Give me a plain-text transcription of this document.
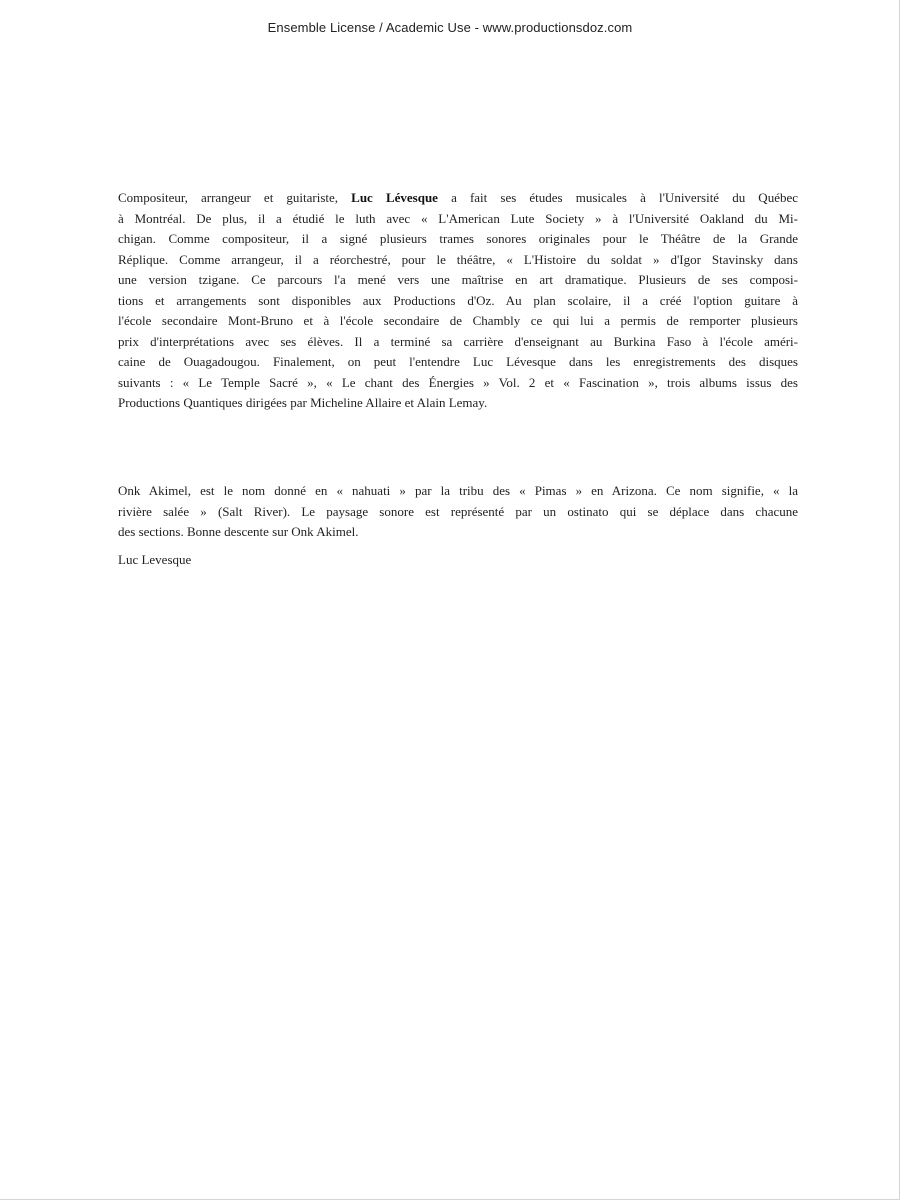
Ensemble License / Academic Use - www.productionsdoz.com
Compositeur, arrangeur et guitariste, Luc Lévesque a fait ses études musicales à l'Université du Québec
à Montréal. De plus, il a étudié le luth avec « L'American Lute Society » à l'Université Oakland du Mi-
chigan. Comme compositeur, il a signé plusieurs trames sonores originales pour le Théâtre de la Grande
Réplique. Comme arrangeur, il a réorchestré, pour le théâtre, « L'Histoire du soldat » d'Igor Stavinsky dans
une version tzigane. Ce parcours l'a mené vers une maîtrise en art dramatique. Plusieurs de ses composi-
tions et arrangements sont disponibles aux Productions d'Oz. Au plan scolaire, il a créé l'option guitare à
l'école secondaire Mont-Bruno et à l'école secondaire de Chambly ce qui lui a permis de remporter plusieurs
prix d'interprétations avec ses élèves. Il a terminé sa carrière d'enseignant au Burkina Faso à l'école améri-
caine de Ouagadougou. Finalement, on peut l'entendre Luc Lévesque dans les enregistrements des disques
suivants : « Le Temple Sacré », « Le chant des Énergies » Vol. 2 et « Fascination », trois albums issus des
Productions Quantiques dirigées par Micheline Allaire et Alain Lemay.
Onk Akimel, est le nom donné en « nahuati » par la tribu des « Pimas » en Arizona. Ce nom signifie, « la
rivière salée » (Salt River). Le paysage sonore est représenté par un ostinato qui se déplace dans chacune
des sections. Bonne descente sur Onk Akimel.
Luc Levesque
